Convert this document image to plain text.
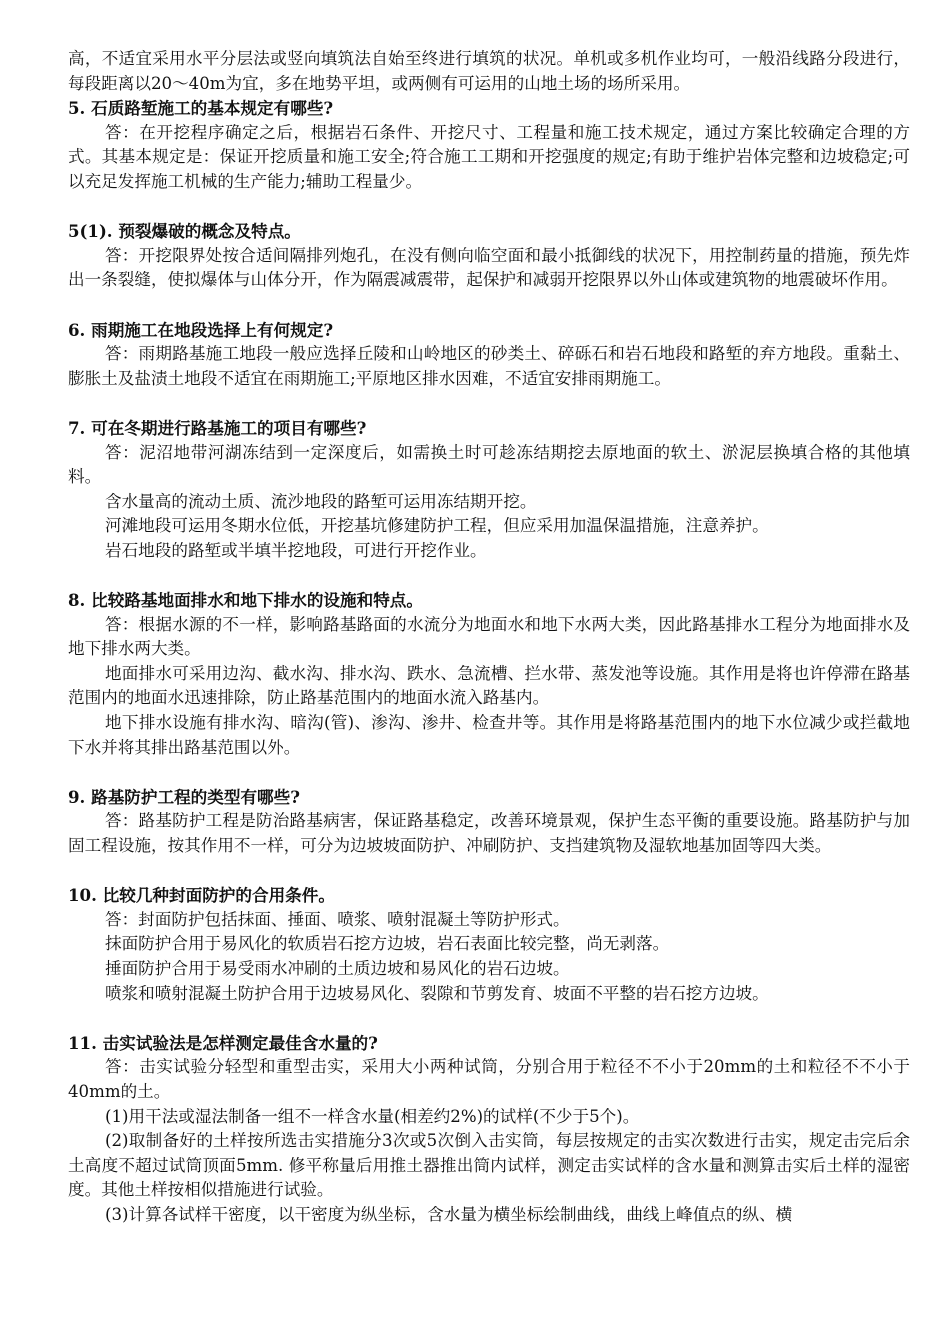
高，不适宜采用水平分层法或竖向填筑法自始至终进行填筑的状况。单机或多机作业均可，一般沿线路分段进行，每段距离以20～40m为宜，多在地势平坦，或两侧有可运用的山地土场的场所采用。

5. 石质路堑施工的基本规定有哪些?

答：在开挖程序确定之后，根据岩石条件、开挖尺寸、工程量和施工技术规定，通过方案比较确定合理的方式。其基本规定是：保证开挖质量和施工安全;符合施工工期和开挖强度的规定;有助于维护岩体完整和边坡稳定;可以充足发挥施工机械的生产能力;辅助工程量少。

5(1). 预裂爆破的概念及特点。

答：开挖限界处按合适间隔排列炮孔，在没有侧向临空面和最小抵御线的状况下，用控制药量的措施，预先炸出一条裂缝，使拟爆体与山体分开，作为隔震减震带，起保护和减弱开挖限界以外山体或建筑物的地震破坏作用。

6. 雨期施工在地段选择上有何规定?

答：雨期路基施工地段一般应选择丘陵和山岭地区的砂类土、碎砾石和岩石地段和路堑的弃方地段。重黏土、膨胀土及盐渍土地段不适宜在雨期施工;平原地区排水因难，不适宜安排雨期施工。

7. 可在冬期进行路基施工的项目有哪些?

答：泥沼地带河湖冻结到一定深度后，如需换土时可趁冻结期挖去原地面的软土、淤泥层换填合格的其他填料。

含水量高的流动土质、流沙地段的路堑可运用冻结期开挖。

河滩地段可运用冬期水位低，开挖基坑修建防护工程，但应采用加温保温措施，注意养护。

岩石地段的路堑或半填半挖地段，可进行开挖作业。

8. 比较路基地面排水和地下排水的设施和特点。

答：根据水源的不一样，影响路基路面的水流分为地面水和地下水两大类，因此路基排水工程分为地面排水及地下排水两大类。

地面排水可采用边沟、截水沟、排水沟、跌水、急流槽、拦水带、蒸发池等设施。其作用是将也许停滞在路基范围内的地面水迅速排除，防止路基范围内的地面水流入路基内。

地下排水设施有排水沟、暗沟(管)、渗沟、渗井、检查井等。其作用是将路基范围内的地下水位减少或拦截地下水并将其排出路基范围以外。

9. 路基防护工程的类型有哪些?

答：路基防护工程是防治路基病害，保证路基稳定，改善环境景观，保护生态平衡的重要设施。路基防护与加固工程设施，按其作用不一样，可分为边坡坡面防护、冲刷防护、支挡建筑物及湿软地基加固等四大类。

10. 比较几种封面防护的合用条件。

答：封面防护包括抹面、捶面、喷浆、喷射混凝土等防护形式。

抹面防护合用于易风化的软质岩石挖方边坡，岩石表面比较完整，尚无剥落。

捶面防护合用于易受雨水冲刷的土质边坡和易风化的岩石边坡。

喷浆和喷射混凝土防护合用于边坡易风化、裂隙和节剪发育、坡面不平整的岩石挖方边坡。

11. 击实试验法是怎样测定最佳含水量的?

答：击实试验分轻型和重型击实，采用大小两种试筒，分别合用于粒径不不小于20mm的土和粒径不不小于40mm的土。

(1)用干法或湿法制备一组不一样含水量(相差约2%)的试样(不少于5个)。

(2)取制备好的土样按所选击实措施分3次或5次倒入击实筒，每层按规定的击实次数进行击实，规定击完后余土高度不超过试筒顶面5mm. 修平称量后用推土器推出筒内试样，测定击实试样的含水量和测算击实后土样的湿密度。其他土样按相似措施进行试验。

(3)计算各试样干密度，以干密度为纵坐标，含水量为横坐标绘制曲线，曲线上峰值点的纵、横
